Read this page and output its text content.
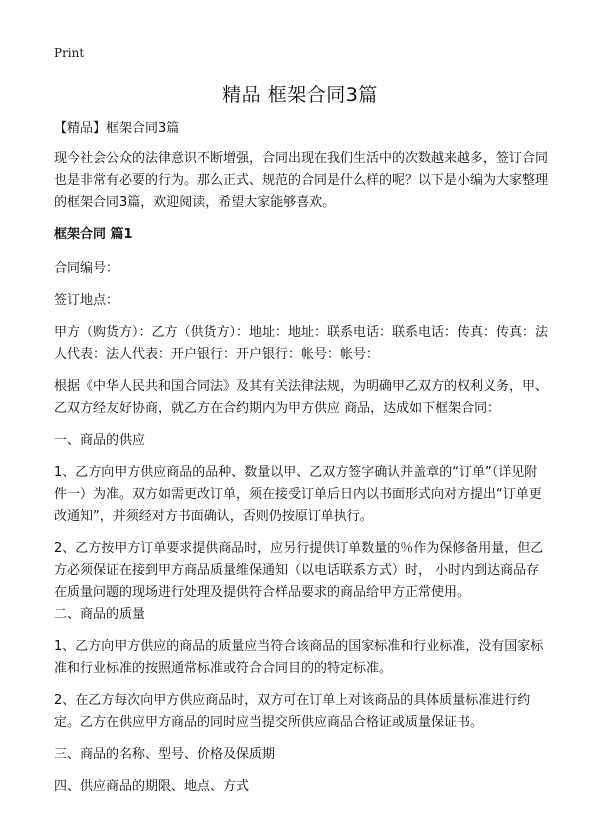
Print
精品 框架合同3篇

【精品】框架合同3篇

现今社会公众的法律意识不断增强，合同出现在我们生活中的次数越来越多，签订合同也是非常有必要的行为。那么正式、规范的合同是什么样的呢？以下是小编为大家整理的框架合同3篇，欢迎阅读，希望大家能够喜欢。

框架合同 篇1

合同编号：

签订地点：

甲方（购货方）：乙方（供货方）：地址：地址：联系电话：联系电话：传真：传真：法人代表：法人代表：开户银行：开户银行：帐号：帐号：

根据《中华人民共和国合同法》及其有关法律法规，为明确甲乙双方的权利义务，甲、乙双方经友好协商，就乙方在合约期内为甲方供应 商品，达成如下框架合同：

一、商品的供应

1、乙方向甲方供应商品的品种、数量以甲、乙双方签字确认并盖章的“订单”（详见附件一）为准。双方如需更改订单，须在接受订单后日内以书面形式向对方提出“订单更改通知”，并须经对方书面确认，否则仍按原订单执行。

2、乙方按甲方订单要求提供商品时，应另行提供订单数量的％作为保修备用量，但乙方必须保证在接到甲方商品质量维保通知（以电话联系方式）时， 小时内到达商品存在质量问题的现场进行处理及提供符合样品要求的商品给甲方正常使用。

二、商品的质量

1、乙方向甲方供应的商品的质量应当符合该商品的国家标准和行业标准，没有国家标准和行业标准的按照通常标准或符合合同目的的特定标准。

2、在乙方每次向甲方供应商品时，双方可在订单上对该商品的具体质量标准进行约定。乙方在供应甲方商品的同时应当提交所供应商品合格证或质量保证书。

三、商品的名称、型号、价格及保质期

四、供应商品的期限、地点、方式
